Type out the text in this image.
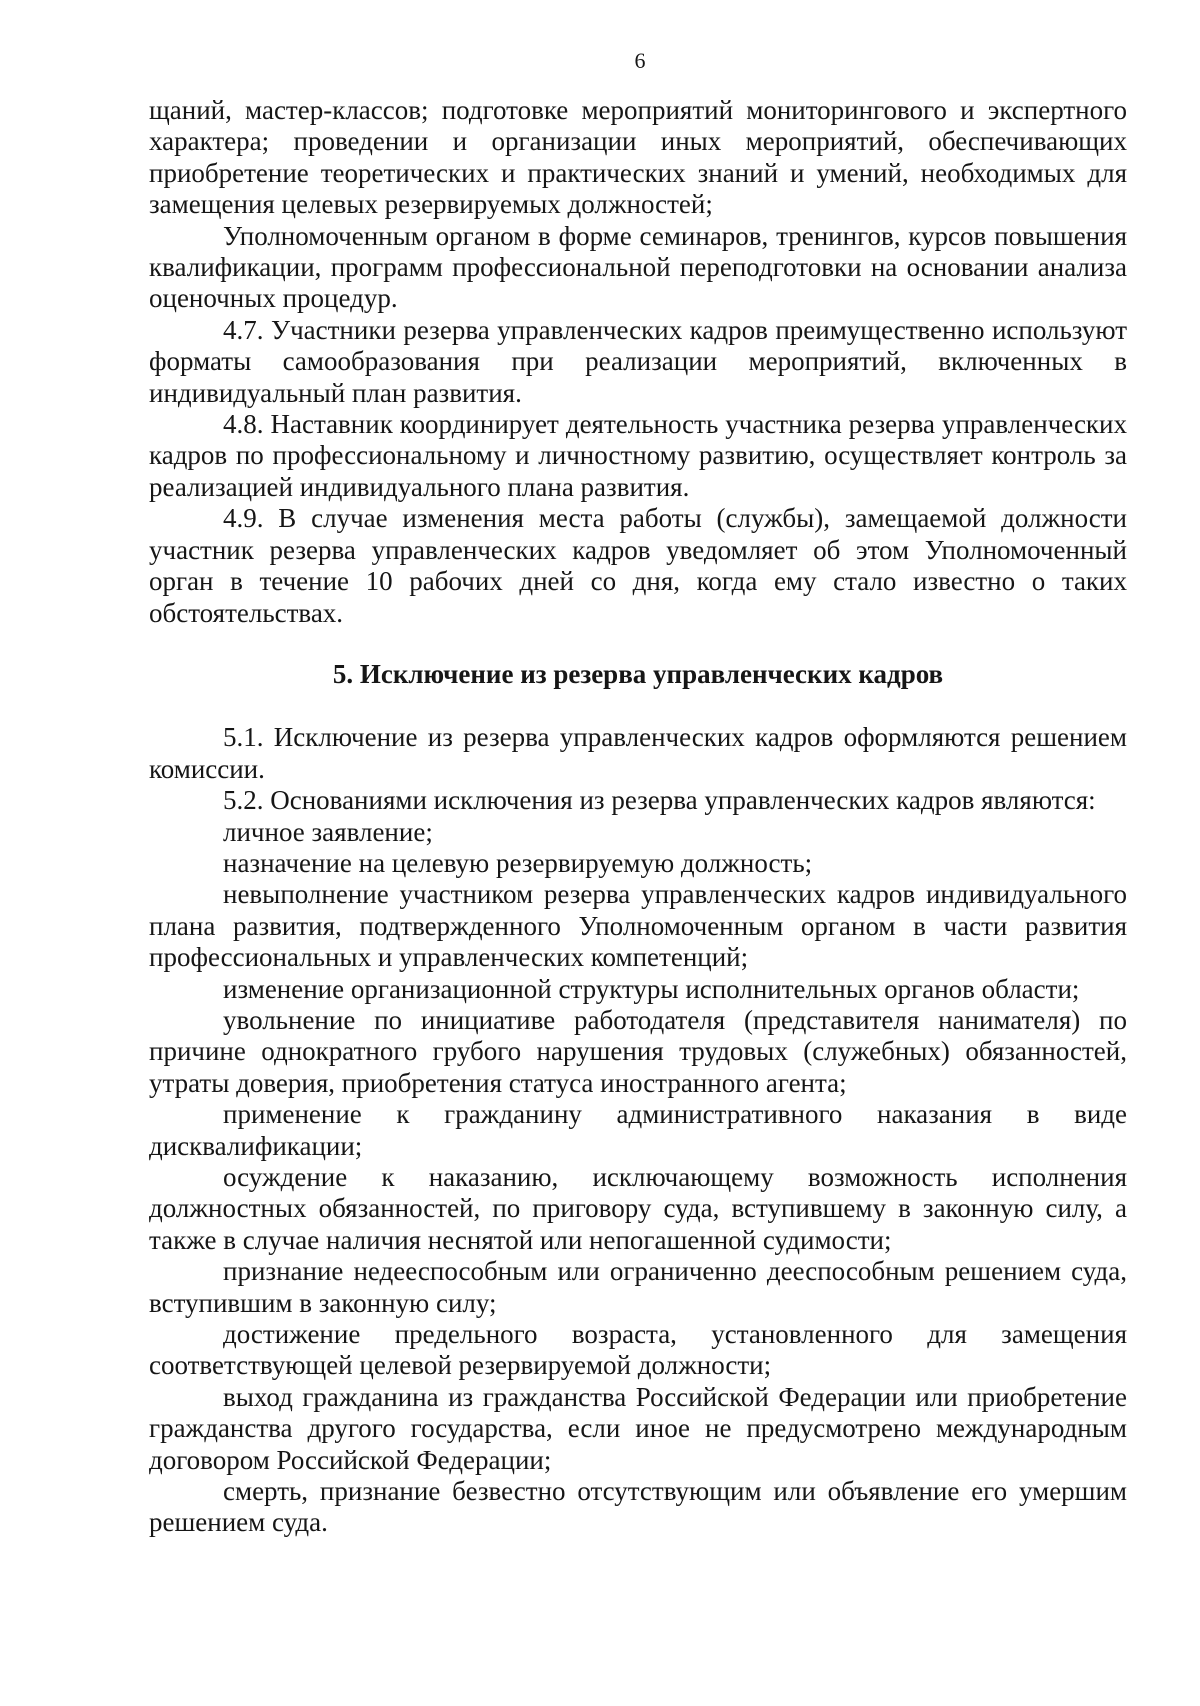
6

щаний, мастер-классов; подготовке мероприятий мониторингового и экспертного характера; проведении и организации иных мероприятий, обеспечивающих приобретение теоретических и практических знаний и умений, необходимых для замещения целевых резервируемых должностей;

Уполномоченным органом в форме семинаров, тренингов, курсов повышения квалификации, программ профессиональной переподготовки на основании анализа оценочных процедур.

4.7. Участники резерва управленческих кадров преимущественно используют форматы самообразования при реализации мероприятий, включенных в индивидуальный план развития.

4.8. Наставник координирует деятельность участника резерва управленческих кадров по профессиональному и личностному развитию, осуществляет контроль за реализацией индивидуального плана развития.

4.9. В случае изменения места работы (службы), замещаемой должности участник резерва управленческих кадров уведомляет об этом Уполномоченный орган в течение 10 рабочих дней со дня, когда ему стало известно о таких обстоятельствах.

5. Исключение из резерва управленческих кадров

5.1. Исключение из резерва управленческих кадров оформляются решением комиссии.

5.2. Основаниями исключения из резерва управленческих кадров являются:

личное заявление;

назначение на целевую резервируемую должность;

невыполнение участником резерва управленческих кадров индивидуального плана развития, подтвержденного Уполномоченным органом в части развития профессиональных и управленческих компетенций;

изменение организационной структуры исполнительных органов области;

увольнение по инициативе работодателя (представителя нанимателя) по причине однократного грубого нарушения трудовых (служебных) обязанностей, утраты доверия, приобретения статуса иностранного агента;

применение к гражданину административного наказания в виде дисквалификации;

осуждение к наказанию, исключающему возможность исполнения должностных обязанностей, по приговору суда, вступившему в законную силу, а также в случае наличия неснятой или непогашенной судимости;

признание недееспособным или ограниченно дееспособным решением суда, вступившим в законную силу;

достижение предельного возраста, установленного для замещения соответствующей целевой резервируемой должности;

выход гражданина из гражданства Российской Федерации или приобретение гражданства другого государства, если иное не предусмотрено международным договором Российской Федерации;

смерть, признание безвестно отсутствующим или объявление его умершим решением суда.
